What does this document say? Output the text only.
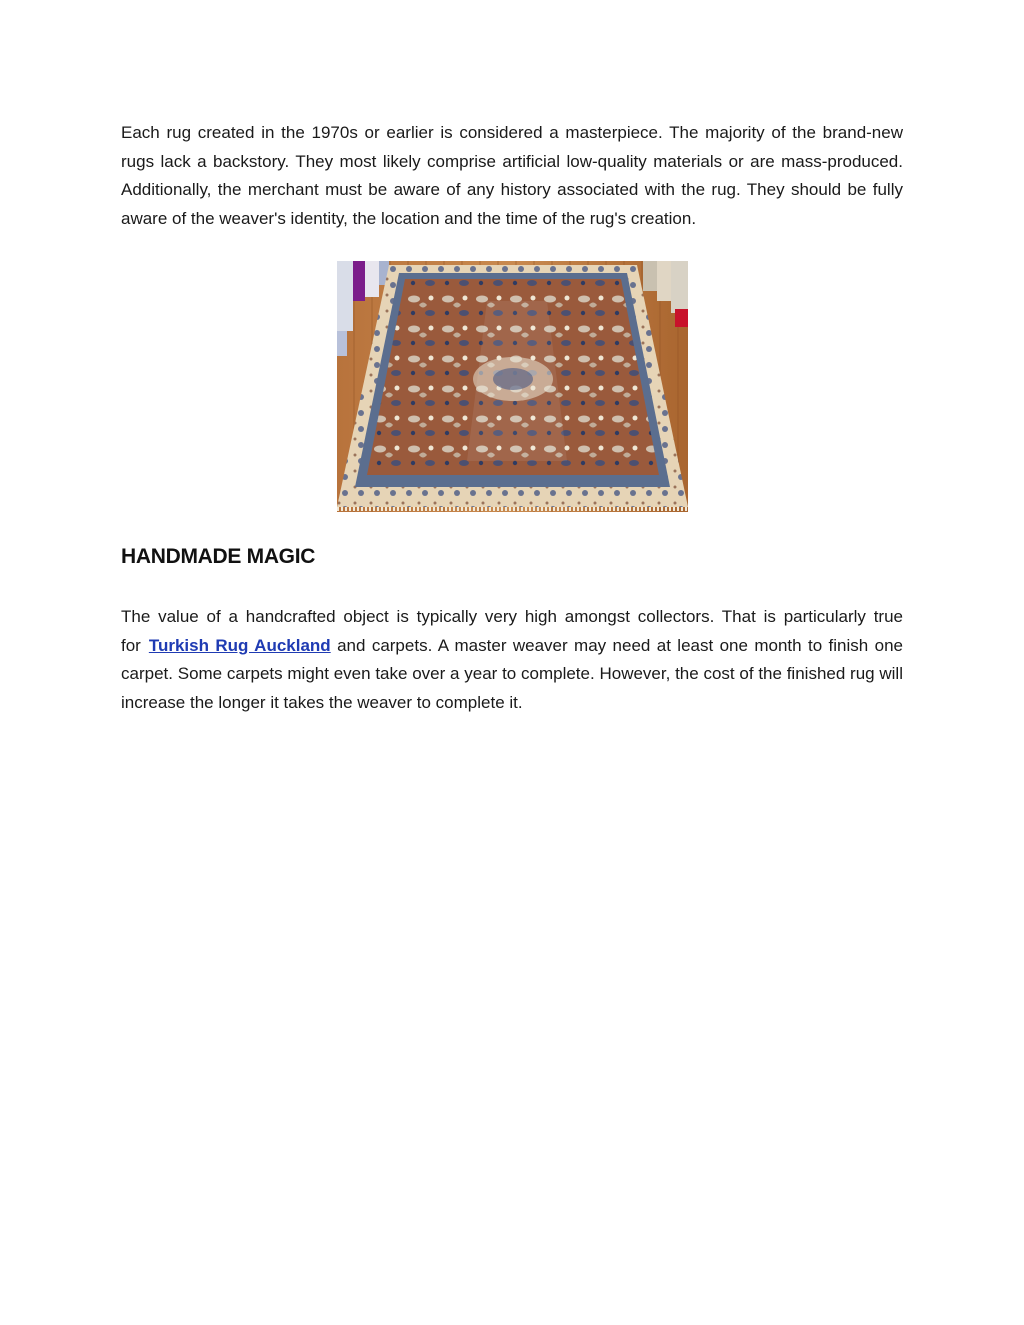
Each rug created in the 1970s or earlier is considered a masterpiece. The majority of the brand-new rugs lack a backstory. They most likely comprise artificial low-quality materials or are mass-produced. Additionally, the merchant must be aware of any history associated with the rug. They should be fully aware of the weaver's identity, the location and the time of the rug's creation.

HANDMADE MAGIC

The value of a handcrafted object is typically very high amongst collectors. That is particularly true for Turkish Rug Auckland and carpets. A master weaver may need at least one month to finish one carpet. Some carpets might even take over a year to complete. However, the cost of the finished rug will increase the longer it takes the weaver to complete it.
